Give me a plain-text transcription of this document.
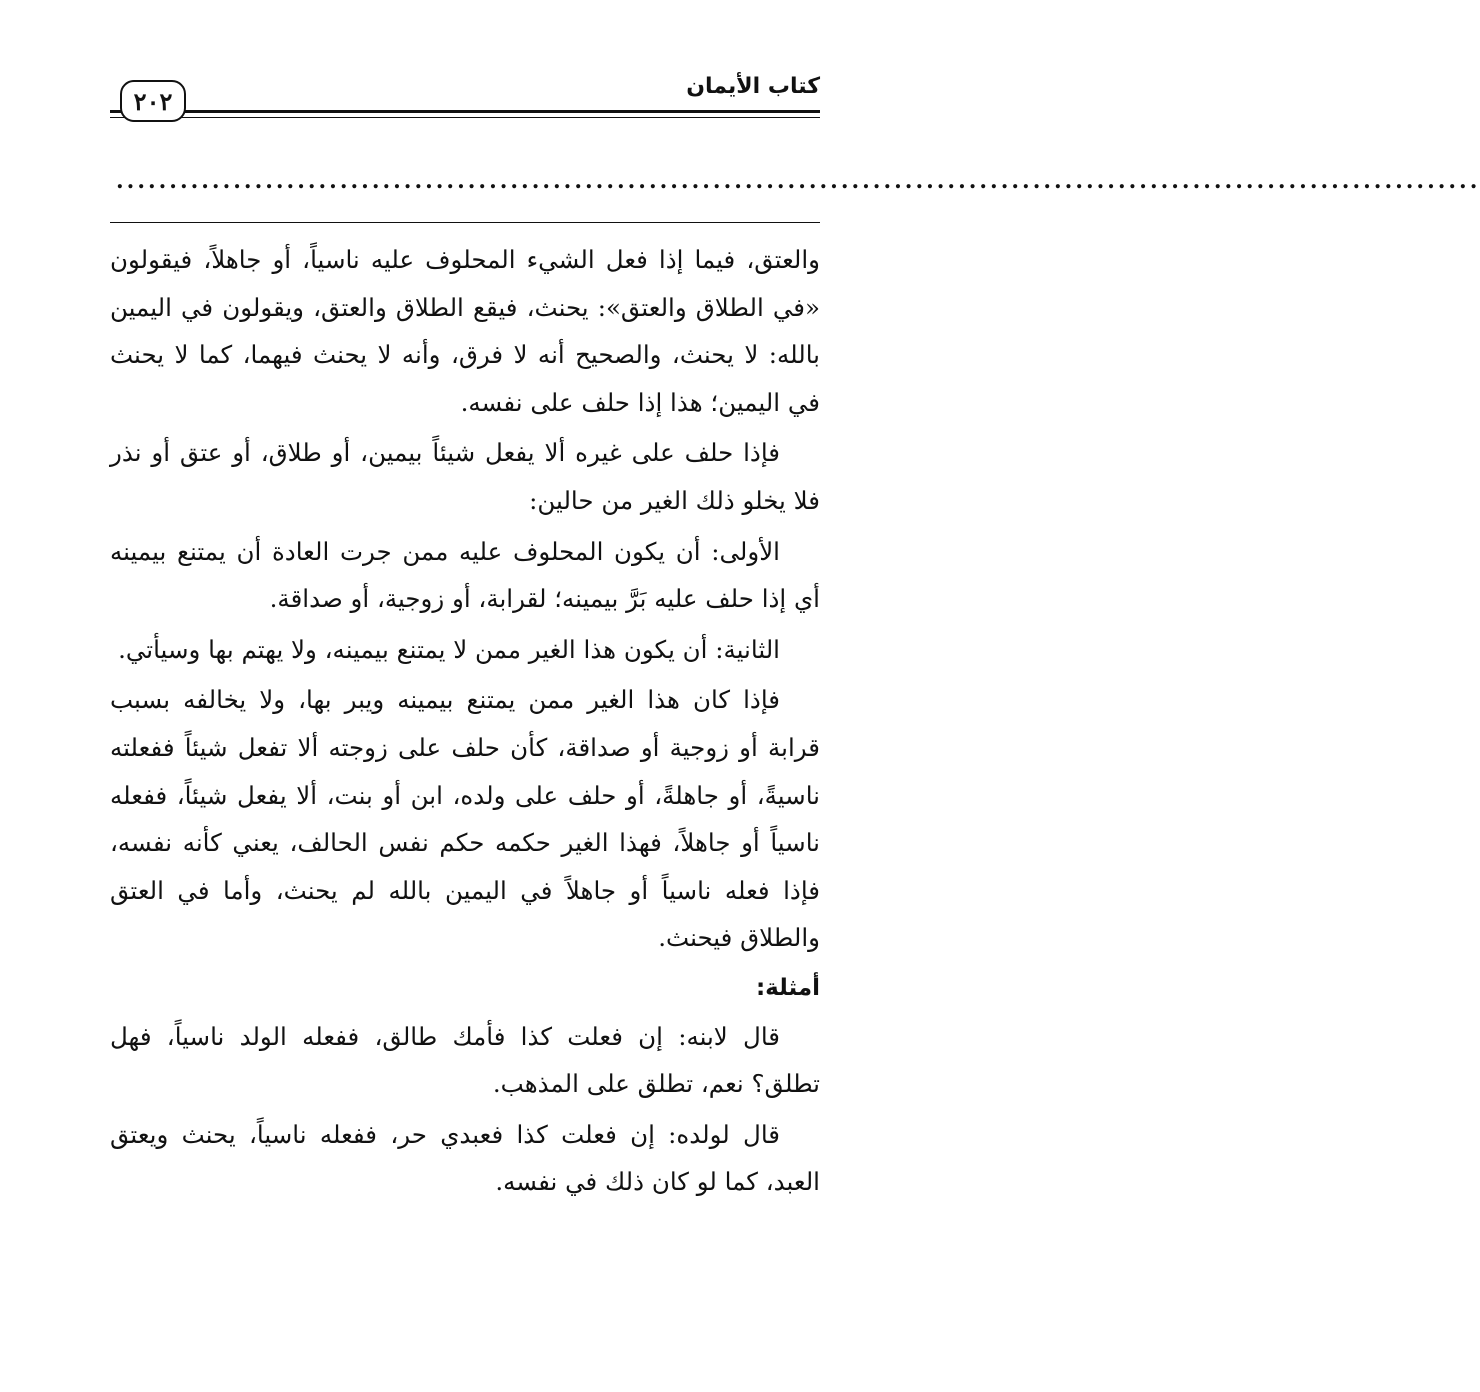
٢٠٢	كتاب الأيمان
................................................................................................................................

والعتق، فيما إذا فعل الشيء المحلوف عليه ناسياً، أو جاهلاً، فيقولون «في الطلاق والعتق»: يحنث، فيقع الطلاق والعتق، ويقولون في اليمين بالله: لا يحنث، والصحيح أنه لا فرق، وأنه لا يحنث فيهما، كما لا يحنث في اليمين؛ هذا إذا حلف على نفسه.

فإذا حلف على غيره ألا يفعل شيئاً بيمين، أو طلاق، أو عتق أو نذر فلا يخلو ذلك الغير من حالين:

الأولى: أن يكون المحلوف عليه ممن جرت العادة أن يمتنع بيمينه أي إذا حلف عليه بَرَّ بيمينه؛ لقرابة، أو زوجية، أو صداقة.

الثانية: أن يكون هذا الغير ممن لا يمتنع بيمينه، ولا يهتم بها وسيأتي.

فإذا كان هذا الغير ممن يمتنع بيمينه ويبر بها، ولا يخالفه بسبب قرابة أو زوجية أو صداقة، كأن حلف على زوجته ألا تفعل شيئاً ففعلته ناسيةً، أو جاهلةً، أو حلف على ولده، ابن أو بنت، ألا يفعل شيئاً، ففعله ناسياً أو جاهلاً، فهذا الغير حكمه حكم نفس الحالف، يعني كأنه نفسه، فإذا فعله ناسياً أو جاهلاً في اليمين بالله لم يحنث، وأما في العتق والطلاق فيحنث.

أمثلة:

قال لابنه: إن فعلت كذا فأمك طالق، ففعله الولد ناسياً، فهل تطلق؟ نعم، تطلق على المذهب.

قال لولده: إن فعلت كذا فعبدي حر، ففعله ناسياً، يحنث ويعتق العبد، كما لو كان ذلك في نفسه.
